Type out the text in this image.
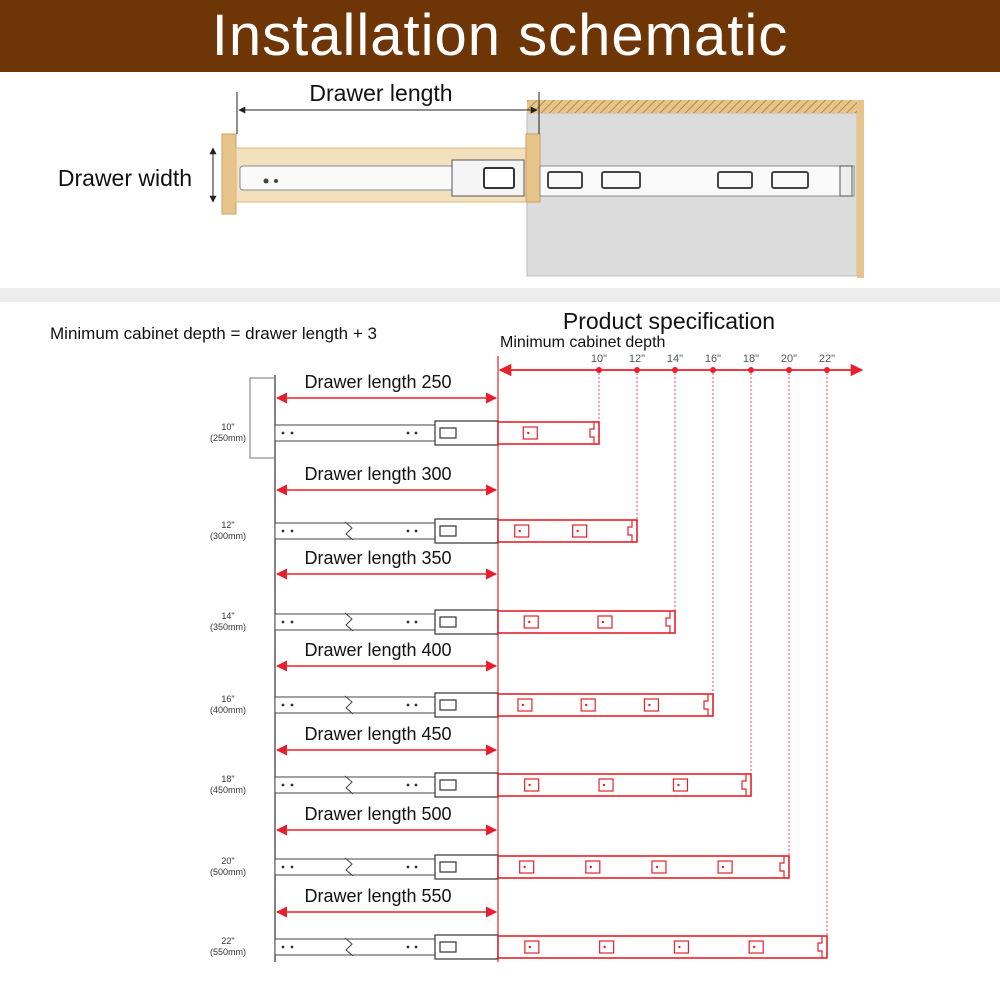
Installation schematic
Drawer length
Drawer width
Minimum cabinet depth = drawer length + 3	Product specification
Minimum cabinet depth
10" 12" 14" 16" 18" 20" 22"
Drawer length 250
10"
(250mm)
Drawer length 300
12"
(300mm)
Drawer length 350
14"
(350mm)
Drawer length 400
16"
(400mm)
Drawer length 450
18"
(450mm)
Drawer length 500
20"
(500mm)
Drawer length 550
22"
(550mm)
